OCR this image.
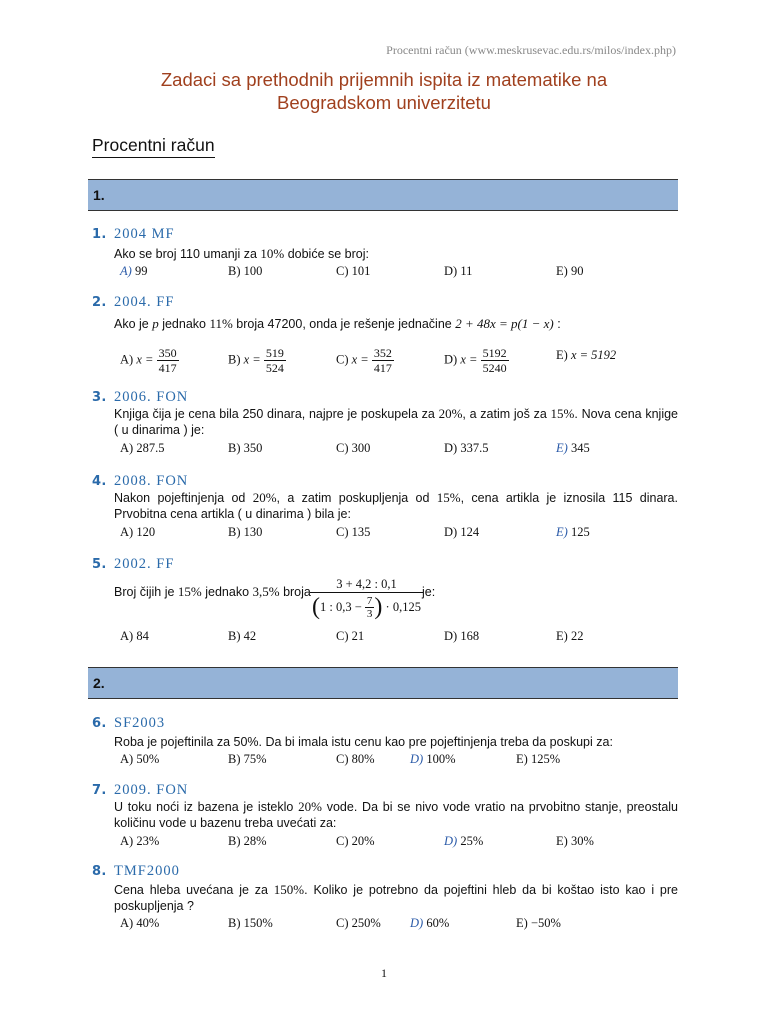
Procentni račun (www.meskrusevac.edu.rs/milos/index.php)
Zadaci sa prethodnih prijemnih ispita iz matematike na
Beogradskom univerzitetu
Procentni račun
1.
1. 2004 MF
Ako se broj 110 umanji za 10% dobiće se broj:
A) 99	B) 100	C) 101	D) 11	E) 90
2. 2004. FF
Ako je p jednako 11% broja 47200, onda je rešenje jednačine 2 + 48x = p(1 − x) :
A) $x = \frac{350}{417}$	B) $x = \frac{519}{524}$	C) $x = \frac{352}{417}$	D) $x = \frac{5192}{5240}$	E) x = 5192
3. 2006. FON
Knjiga čija je cena bila 250 dinara, najpre je poskupela za 20%, a zatim još za 15%. Nova cena knjige ( u dinarima ) je:
A) 287.5	B) 350	C) 300	D) 337.5	E) 345
4. 2008. FON
Nakon pojeftinjenja od 20%, a zatim poskupljenja od 15%, cena artikla je iznosila 115 dinara. Prvobitna cena artikla ( u dinarima ) bila je:
A) 120	B) 130	C) 135	D) 124	E) 125
5. 2002. FF
Broj čijih je 15% jednako 3,5% broja 3 + 4,2 : 0,1
( 1 : 0,3 −
$\frac{7}{3}$ )
· 0,125 je:
A) 84	B) 42	C) 21	D) 168	E) 22
2.
6. SF2003
Roba je pojeftinila za 50%. Da bi imala istu cenu kao pre pojeftinjenja treba da poskupi za:
A) 50%	B) 75%	C) 80%	D) 100%	E) 125%
7. 2009. FON
U toku noći iz bazena je isteklo 20% vode. Da bi se nivo vode vratio na prvobitno stanje, preostalu količinu vode u bazenu treba uvećati za:
A) 23%	B) 28%	C) 20%	D) 25%	E) 30%
8. TMF2000
Cena hleba uvećana je za 150%. Koliko je potrebno da pojeftini hleb da bi koštao isto kao i pre poskupljenja ?
A) 40%	B) 150%	C) 250% D) 60%	E) −50%
1
